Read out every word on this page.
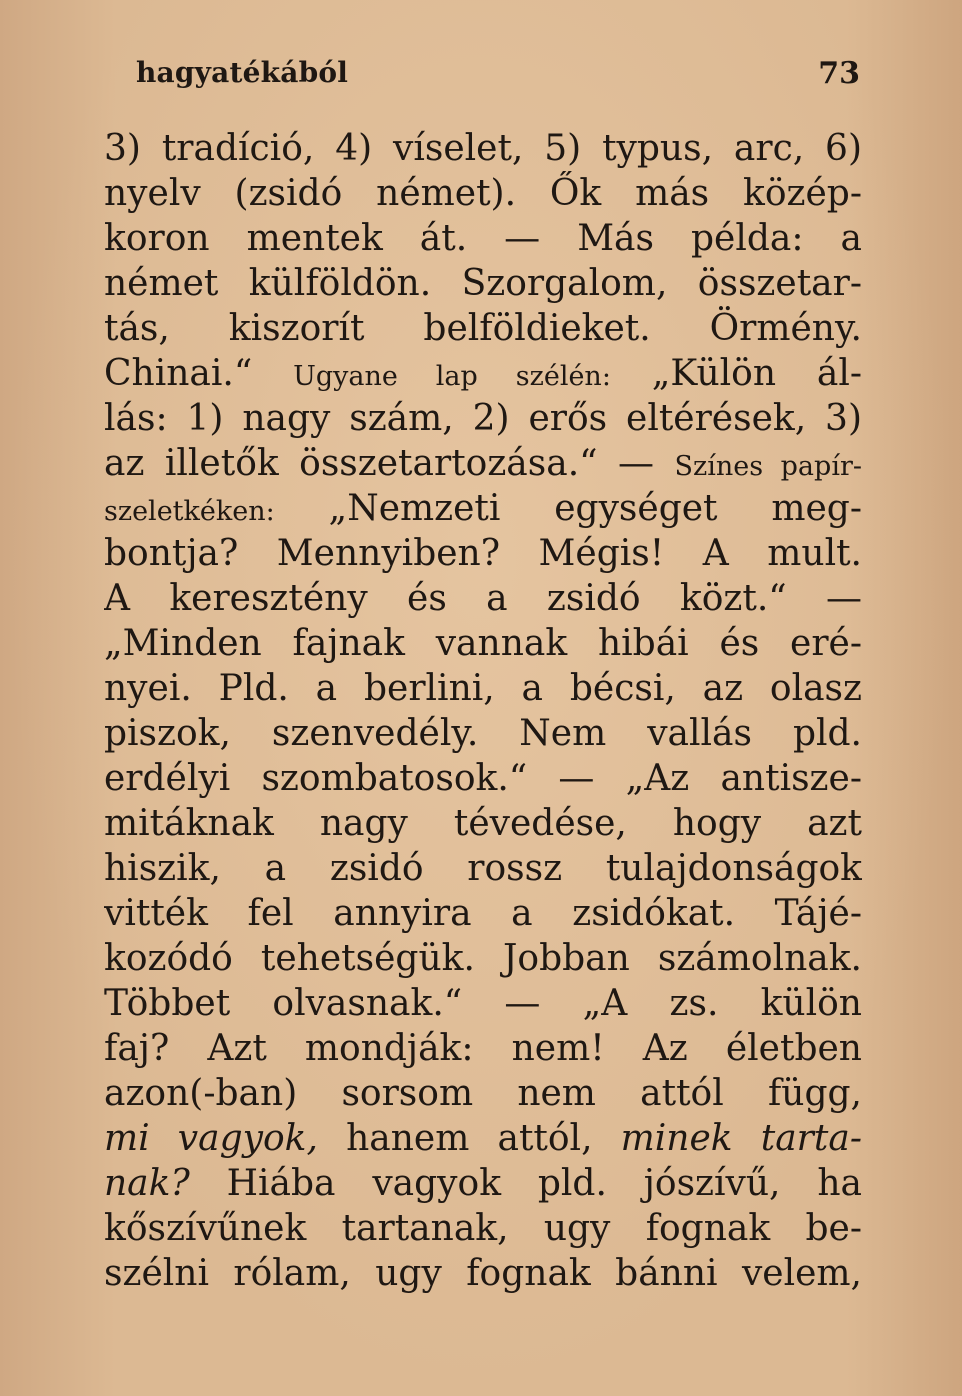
hagyatékából	73
3) tradíció, 4) víselet, 5) typus, arc, 6)
nyelv (zsidó német). Ők más közép-
koron mentek át. — Más példa: a
német külföldön. Szorgalom, összetar-
tás, kiszorít belföldieket. Örmény.
Chinai.“ Ugyane lap szélén: „Külön ál-
lás: 1) nagy szám, 2) erős eltérések, 3)
az illetők összetartozása.“ — Színes papír-
szeletkéken: „Nemzeti egységet meg-
bontja? Mennyiben? Mégis! A mult.
A keresztény és a zsidó közt.“ —
„Minden fajnak vannak hibái és eré-
nyei. Pld. a berlini, a bécsi, az olasz
piszok, szenvedély. Nem vallás pld.
erdélyi szombatosok.“ — „Az antisze-
mitáknak nagy tévedése, hogy azt
hiszik, a zsidó rossz tulajdonságok
vitték fel annyira a zsidókat. Tájé-
kozódó tehetségük. Jobban számolnak.
Többet olvasnak.“ — „A zs. külön
faj? Azt mondják: nem! Az életben
azon(-ban) sorsom nem attól függ,
mi vagyok, hanem attól, minek tarta-
nak? Hiába vagyok pld. jószívű, ha
kőszívűnek tartanak, ugy fognak be-
szélni rólam, ugy fognak bánni velem,
